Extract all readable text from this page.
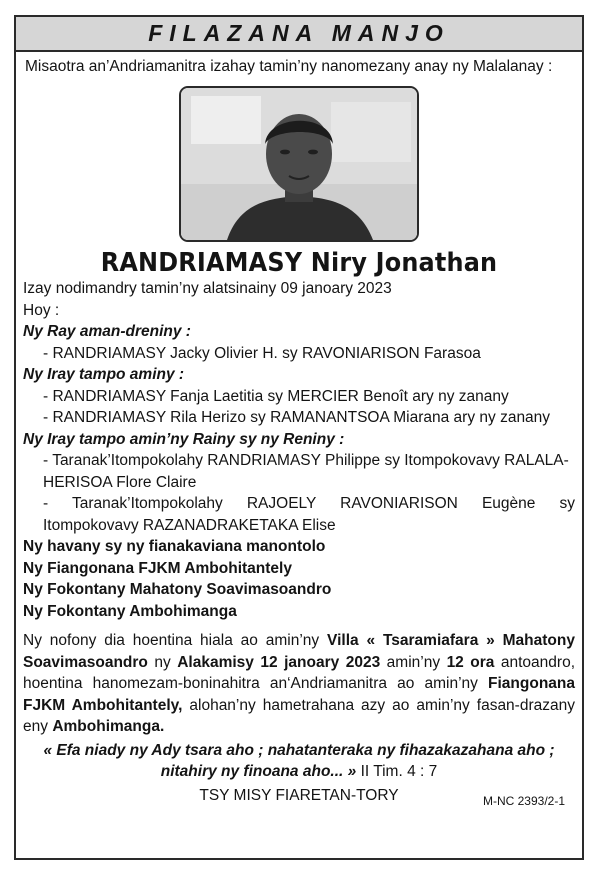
FILAZANA MANJO
Misaotra an’Andriamanitra izahay tamin’ny nanomezany anay ny Malalanay :
RANDRIAMASY Niry Jonathan
Izay nodimandry tamin’ny alatsinainy 09 janoary 2023
Hoy :
Ny Ray aman-dreniny :
- RANDRIAMASY Jacky Olivier H. sy RAVONIARISON Farasoa
Ny Iray tampo aminy :
- RANDRIAMASY Fanja Laetitia sy MERCIER Benoît ary ny zanany
- RANDRIAMASY Rila Herizo sy RAMANANTSOA Miarana ary ny zanany
Ny Iray tampo amin’ny Rainy sy ny Reniny :
- Taranak’Itompokolahy RANDRIAMASY Philippe sy Itompokovavy RALALA-
HERISOA Flore Claire
- Taranak’Itompokolahy RAJOELY RAVONIARISON Eugène sy
Itompokovavy RAZANADRAKETAKA Elise
Ny havany sy ny fianakaviana manontolo
Ny Fiangonana FJKM Ambohitantely
Ny Fokontany Mahatony Soavimasoandro
Ny Fokontany Ambohimanga
Ny nofony dia hoentina hiala ao amin’ny Villa « Tsaramiafara » Mahatony Soavimasoandro ny Alakamisy 12 janoary 2023 amin’ny 12 ora antoandro, hoentina hanomezam-boninahitra an‘Andriamanitra ao amin’ny Fiangonana FJKM Ambohitantely, alohan’ny hametrahana azy ao amin’ny fasan-drazany eny Ambohimanga.
« Efa niady ny Ady tsara aho ; nahatanteraka ny fihazakazahana aho ;
nitahiry ny finoana aho... » II Tim. 4 : 7
TSY MISY FIARETAN-TORY	M-NC 2393/2-1
